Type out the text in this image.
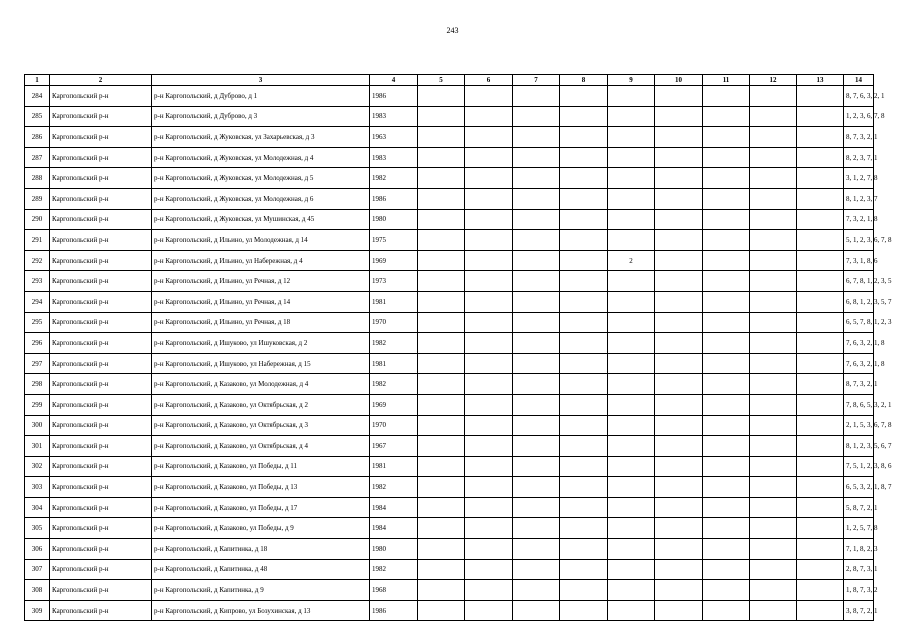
243
1	2	3	4	5	6	7	8	9	10	11	12	13	14
284	Каргопольский р-н	р-н Каргопольский, д Дуброво, д 1	1986										8, 7, 6, 3, 2, 1
285	Каргопольский р-н	р-н Каргопольский, д Дуброво, д 3	1983										1, 2, 3, 6, 7, 8
286	Каргопольский р-н	р-н Каргопольский, д Жуковская, ул Захарьевская, д 3	1963										8, 7, 3, 2, 1
287	Каргопольский р-н	р-н Каргопольский, д Жуковская, ул Молодежная, д 4	1983										8, 2, 3, 7, 1
288	Каргопольский р-н	р-н Каргопольский, д Жуковская, ул Молодежная, д 5	1982										3, 1, 2, 7, 8
289	Каргопольский р-н	р-н Каргопольский, д Жуковская, ул Молодежная, д 6	1986										8, 1, 2, 3, 7
290	Каргопольский р-н	р-н Каргопольский, д Жуковская, ул Мушинская, д 45	1980										7, 3, 2, 1, 8
291	Каргопольский р-н	р-н Каргопольский, д Ильино, ул Молодежная, д 14	1975										5, 1, 2, 3, 6, 7, 8
292	Каргопольский р-н	р-н Каргопольский, д Ильино, ул Набережная, д 4	1969					2					7, 3, 1, 8, 6
293	Каргопольский р-н	р-н Каргопольский, д Ильино, ул Речная, д 12	1973										6, 7, 8, 1, 2, 3, 5
294	Каргопольский р-н	р-н Каргопольский, д Ильино, ул Речная, д 14	1981										6, 8, 1, 2, 3, 5, 7
295	Каргопольский р-н	р-н Каргопольский, д Ильино, ул Речная, д 18	1970										6, 5, 7, 8, 1, 2, 3
296	Каргопольский р-н	р-н Каргопольский, д Ишуково, ул Ишуковская, д 2	1982										7, 6, 3, 2, 1, 8
297	Каргопольский р-н	р-н Каргопольский, д Ишуково, ул Набережная, д 15	1981										7, 6, 3, 2, 1, 8
298	Каргопольский р-н	р-н Каргопольский, д Казаково, ул Молодежная, д 4	1982										8, 7, 3, 2, 1
299	Каргопольский р-н	р-н Каргопольский, д Казаково, ул Октябрьская, д 2	1969										7, 8, 6, 5, 3, 2, 1
300	Каргопольский р-н	р-н Каргопольский, д Казаково, ул Октябрьская, д 3	1970										2, 1, 5, 3, 6, 7, 8
301	Каргопольский р-н	р-н Каргопольский, д Казаково, ул Октябрьская, д 4	1967										8, 1, 2, 3, 5, 6, 7
302	Каргопольский р-н	р-н Каргопольский, д Казаково, ул Победы, д 11	1981										7, 5, 1, 2, 3, 8, 6
303	Каргопольский р-н	р-н Каргопольский, д Казаково, ул Победы, д 13	1982										6, 5, 3, 2, 1, 8, 7
304	Каргопольский р-н	р-н Каргопольский, д Казаково, ул Победы, д 17	1984										5, 8, 7, 2, 1
305	Каргопольский р-н	р-н Каргопольский, д Казаково, ул Победы, д 9	1984										1, 2, 5, 7, 8
306	Каргопольский р-н	р-н Каргопольский, д Капитинка, д 18	1980										7, 1, 8, 2, 3
307	Каргопольский р-н	р-н Каргопольский, д Капитинка, д 48	1982										2, 8, 7, 3, 1
308	Каргопольский р-н	р-н Каргопольский, д Капитинка, д 9	1968										1, 8, 7, 3, 2
309	Каргопольский р-н	р-н Каргопольский, д Кипрово, ул Бозухинская, д 13	1986										3, 8, 7, 2, 1
